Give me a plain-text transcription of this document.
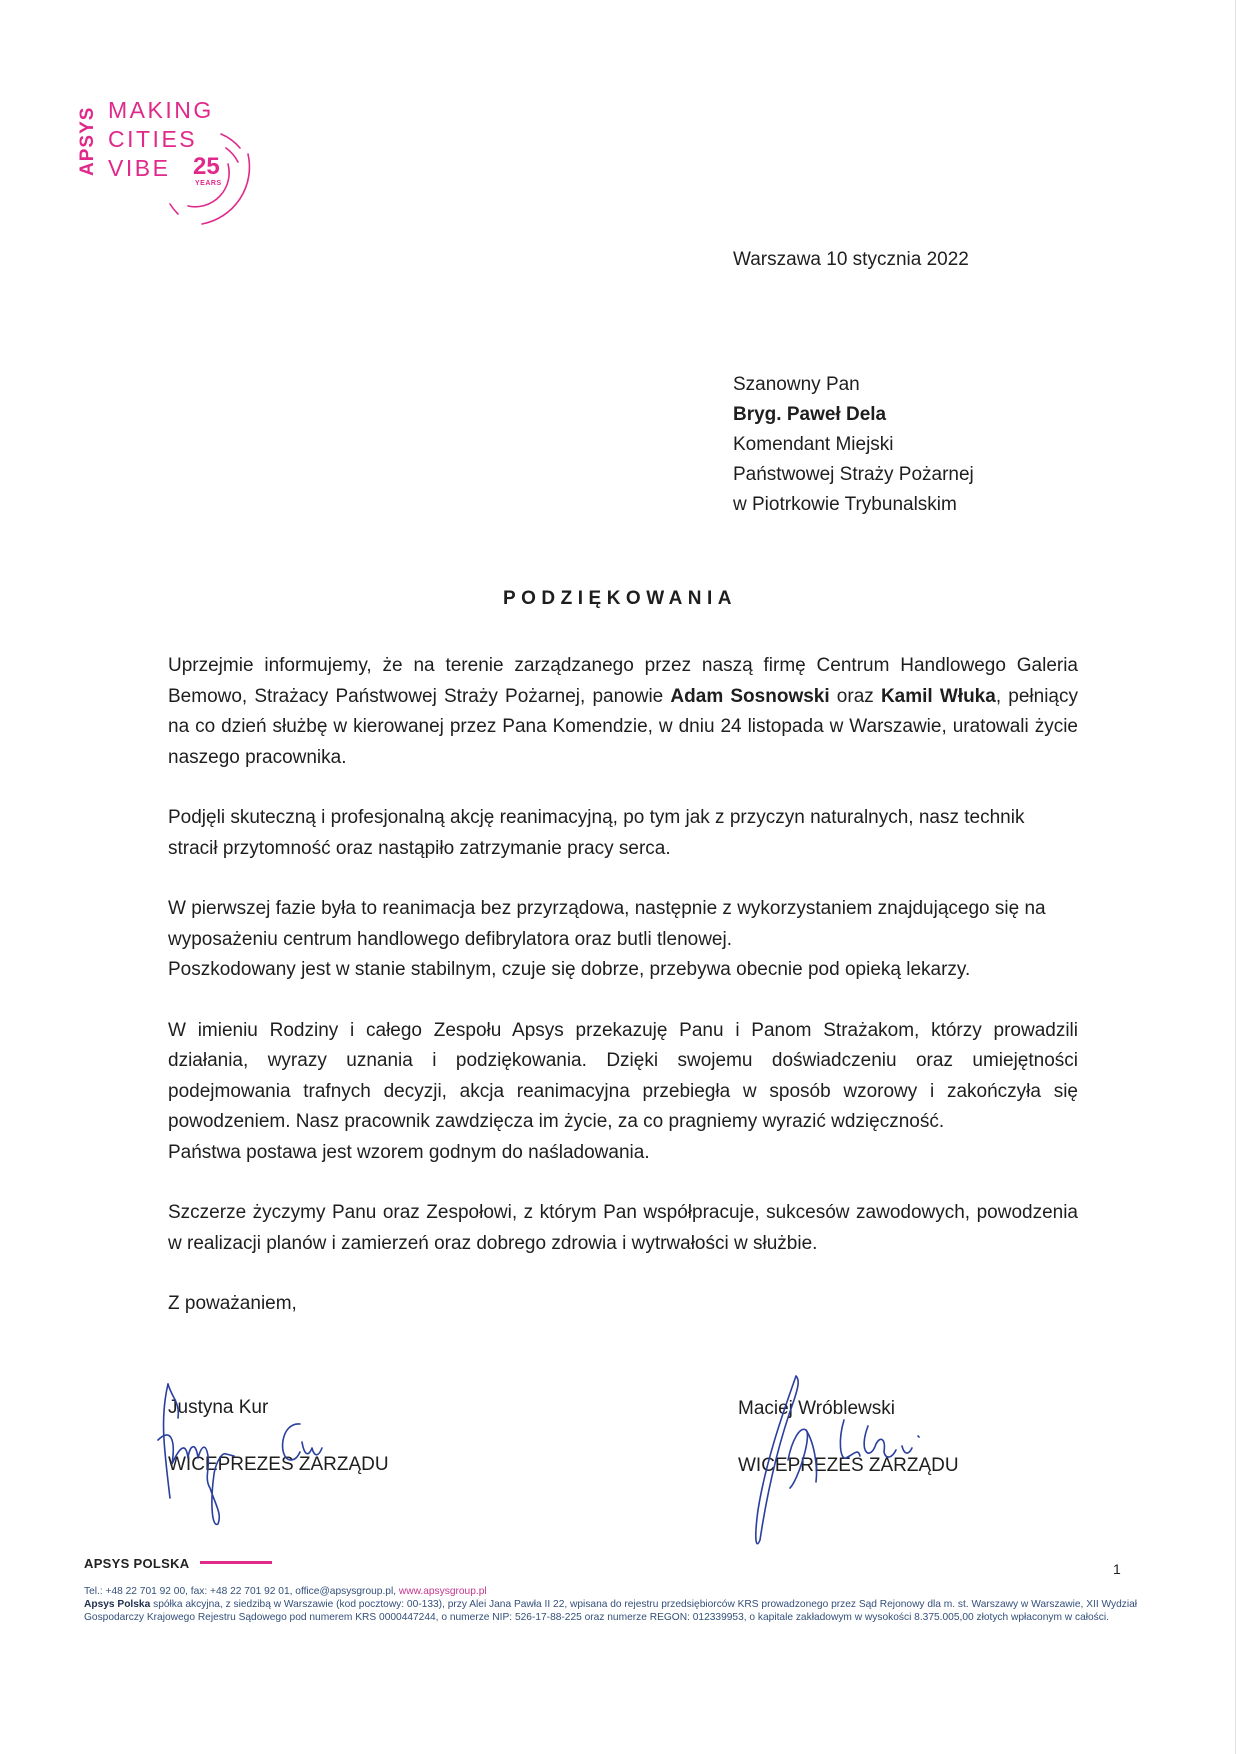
APSYS MAKING
CITIES
VIBE 25
YEARS
Warszawa 10 stycznia 2022
Szanowny Pan
Bryg. Paweł Dela
Komendant Miejski
Państwowej Straży Pożarnej
w Piotrkowie Trybunalskim
PODZIĘKOWANIA

Uprzejmie informujemy, że na terenie zarządzanego przez naszą firmę Centrum Handlowego Galeria Bemowo, Strażacy Państwowej Straży Pożarnej, panowie Adam Sosnowski oraz Kamil Włuka, pełniący na co dzień służbę w kierowanej przez Pana Komendzie, w dniu 24 listopada w Warszawie, uratowali życie naszego pracownika.

Podjęli skuteczną i profesjonalną akcję reanimacyjną, po tym jak z przyczyn naturalnych, nasz technik stracił przytomność oraz nastąpiło zatrzymanie pracy serca.

W pierwszej fazie była to reanimacja bez przyrządowa, następnie z wykorzystaniem znajdującego się na wyposażeniu centrum handlowego defibrylatora oraz butli tlenowej.

Poszkodowany jest w stanie stabilnym, czuje się dobrze, przebywa obecnie pod opieką lekarzy.

W imieniu Rodziny i całego Zespołu Apsys przekazuję Panu i Panom Strażakom, którzy prowadzili działania, wyrazy uznania i podziękowania. Dzięki swojemu doświadczeniu oraz umiejętności podejmowania trafnych decyzji, akcja reanimacyjna przebiegła w sposób wzorowy i zakończyła się powodzeniem. Nasz pracownik zawdzięcza im życie, za co pragniemy wyrazić wdzięczność.

Państwa postawa jest wzorem godnym do naśladowania.

Szczerze życzymy Panu oraz Zespołowi, z którym Pan współpracuje, sukcesów zawodowych, powodzenia w realizacji planów i zamierzeń oraz dobrego zdrowia i wytrwałości w służbie.

Z poważaniem,

Justyna Kur
WICEPREZES ZARZĄDU
Maciej Wróblewski
WICEPREZES ZARZĄDU
APSYS POLSKA	1
Tel.: +48 22 701 92 00, fax: +48 22 701 92 01, office@apsysgroup.pl, www.apsysgroup.pl
Apsys Polska spółka akcyjna, z siedzibą w Warszawie (kod pocztowy: 00-133), przy Alei Jana Pawła II 22, wpisana do rejestru przedsiębiorców KRS prowadzonego przez Sąd Rejonowy dla m. st. Warszawy w Warszawie, XII Wydział Gospodarczy Krajowego Rejestru Sądowego pod numerem KRS 0000447244, o numerze NIP: 526-17-88-225 oraz numerze REGON: 012339953, o kapitale zakładowym w wysokości 8.375.005,00 złotych wpłaconym w całości.
